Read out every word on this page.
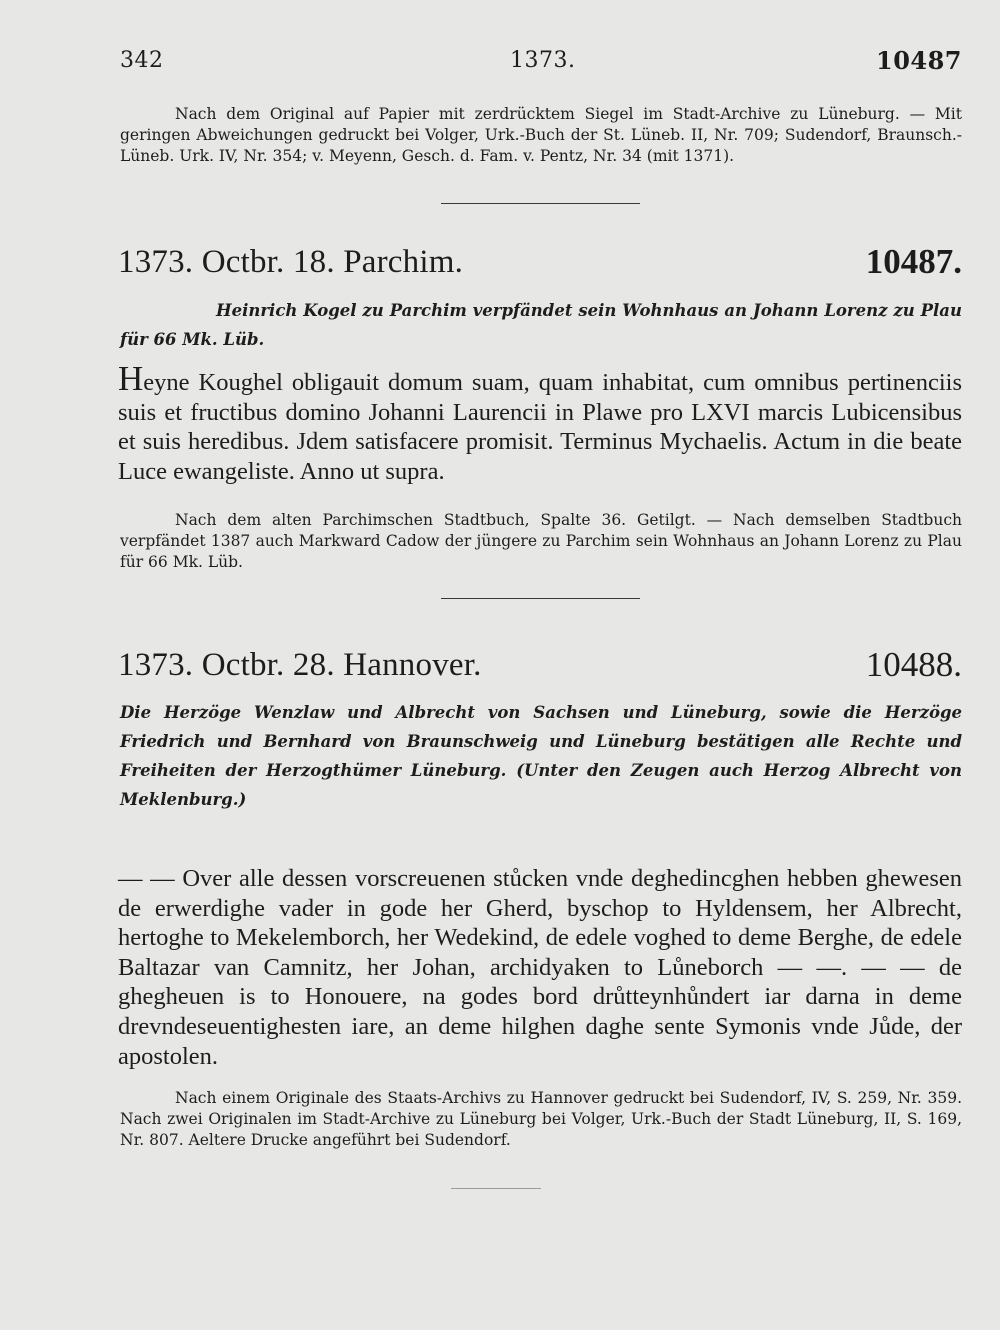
342	1373.	10487

Nach dem Original auf Papier mit zerdrücktem Siegel im Stadt-Archive zu Lüneburg. — Mit geringen Abweichungen gedruckt bei Volger, Urk.-Buch der St. Lüneb. II, Nr. 709; Sudendorf, Braunsch.-Lüneb. Urk. IV, Nr. 354; v. Meyenn, Gesch. d. Fam. v. Pentz, Nr. 34 (mit 1371).

1373. Octbr. 18. Parchim.	10487.

Heinrich Kogel zu Parchim verpfändet sein Wohnhaus an Johann Lorenz zu Plau für 66 Mk. Lüb.

Heyne Koughel obligauit domum suam, quam inhabitat, cum omnibus pertinenciis suis et fructibus domino Johanni Laurencii in Plawe pro LXVI marcis Lubicensibus et suis heredibus. Jdem satisfacere promisit. Terminus Mychaelis. Actum in die beate Luce ewangeliste. Anno ut supra.

Nach dem alten Parchimschen Stadtbuch, Spalte 36. Getilgt. — Nach demselben Stadtbuch verpfändet 1387 auch Markward Cadow der jüngere zu Parchim sein Wohnhaus an Johann Lorenz zu Plau für 66 Mk. Lüb.

1373. Octbr. 28. Hannover.	10488.

Die Herzöge Wenzlaw und Albrecht von Sachsen und Lüneburg, sowie die Herzöge Friedrich und Bernhard von Braunschweig und Lüneburg bestätigen alle Rechte und Freiheiten der Herzogthümer Lüneburg. (Unter den Zeugen auch Herzog Albrecht von Meklenburg.)

— — Over alle dessen vorscreuenen stůcken vnde deghedincghen hebben ghewesen de erwerdighe vader in gode her Gherd, byschop to Hyldensem, her Albrecht, hertoghe to Mekelemborch, her Wedekind, de edele voghed to deme Berghe, de edele Baltazar van Camnitz, her Johan, archidyaken to Lůneborch — —. — — de ghegheuen is to Honouere, na godes bord drůtteynhůndert iar darna in deme drevndeseuentighesten iare, an deme hilghen daghe sente Symonis vnde Jůde, der apostolen.

Nach einem Originale des Staats-Archivs zu Hannover gedruckt bei Sudendorf, IV, S. 259, Nr. 359. Nach zwei Originalen im Stadt-Archive zu Lüneburg bei Volger, Urk.-Buch der Stadt Lüneburg, II, S. 169, Nr. 807. Aeltere Drucke angeführt bei Sudendorf.
